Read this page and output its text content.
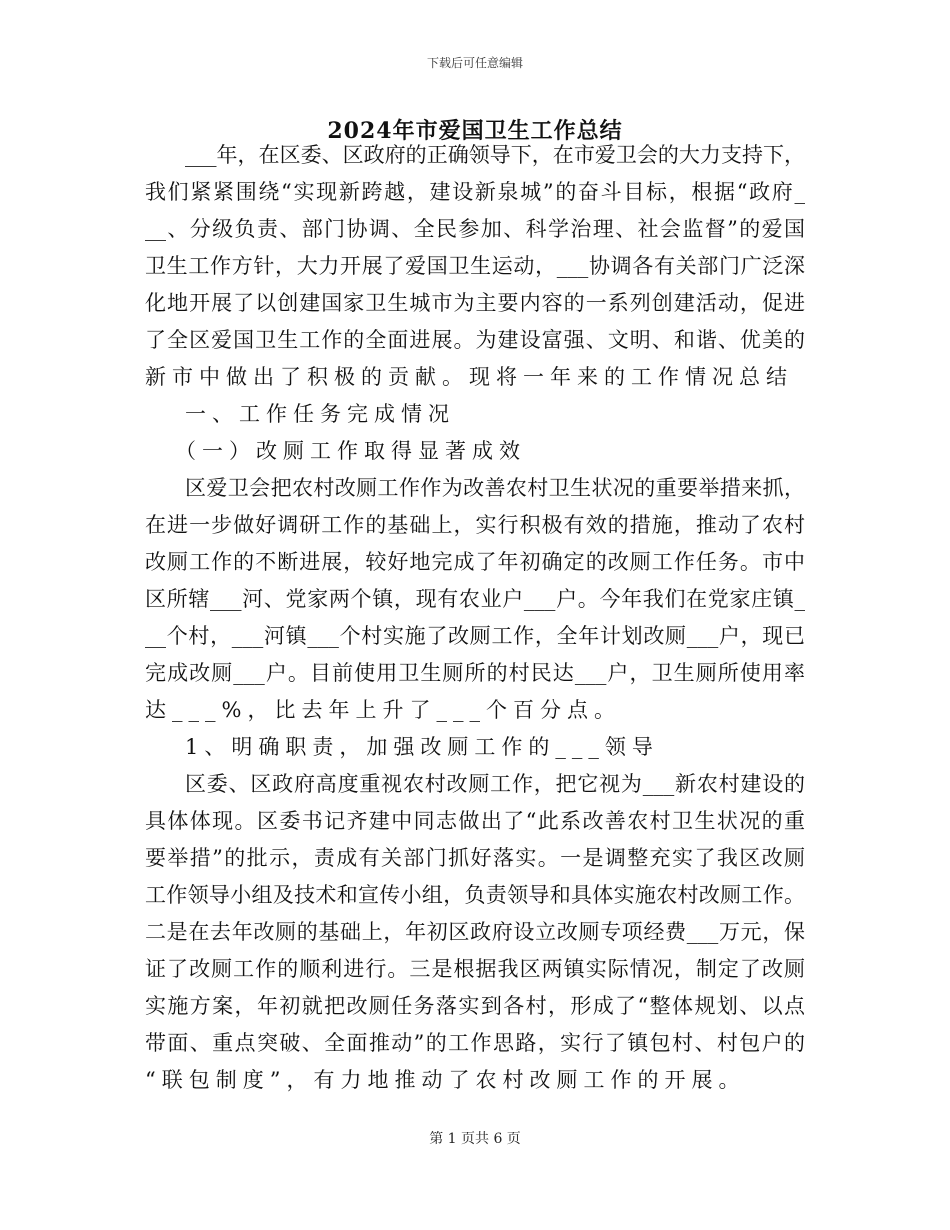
下载后可任意编辑
2024年市爱国卫生工作总结
___年，在区委、区政府的正确领导下，在市爱卫会的大力支持下，
我们紧紧围绕“实现新跨越，建设新泉城”的奋斗目标，根据“政府_
__、分级负责、部门协调、全民参加、科学治理、社会监督”的爱国
卫生工作方针，大力开展了爱国卫生运动，___协调各有关部门广泛深
化地开展了以创建国家卫生城市为主要内容的一系列创建活动，促进
了全区爱国卫生工作的全面进展。为建设富强、文明、和谐、优美的
新市中做出了积极的贡献。现将一年来的工作情况总结
一、工作任务完成情况
（一）改厕工作取得显著成效
区爱卫会把农村改厕工作作为改善农村卫生状况的重要举措来抓，
在进一步做好调研工作的基础上，实行积极有效的措施，推动了农村
改厕工作的不断进展，较好地完成了年初确定的改厕工作任务。市中
区所辖___河、党家两个镇，现有农业户___户。今年我们在党家庄镇_
__个村，___河镇___个村实施了改厕工作，全年计划改厕___户，现已
完成改厕___户。目前使用卫生厕所的村民达___户，卫生厕所使用率
达___%，比去年上升了___个百分点。
1、明确职责，加强改厕工作的___领导
区委、区政府高度重视农村改厕工作，把它视为___新农村建设的
具体体现。区委书记齐建中同志做出了“此系改善农村卫生状况的重
要举措”的批示，责成有关部门抓好落实。一是调整充实了我区改厕
工作领导小组及技术和宣传小组，负责领导和具体实施农村改厕工作。
二是在去年改厕的基础上，年初区政府设立改厕专项经费___万元，保
证了改厕工作的顺利进行。三是根据我区两镇实际情况，制定了改厕
实施方案，年初就把改厕任务落实到各村，形成了“整体规划、以点
带面、重点突破、全面推动”的工作思路，实行了镇包村、村包户的
“联包制度”，有力地推动了农村改厕工作的开展。
第 1 页共 6 页
